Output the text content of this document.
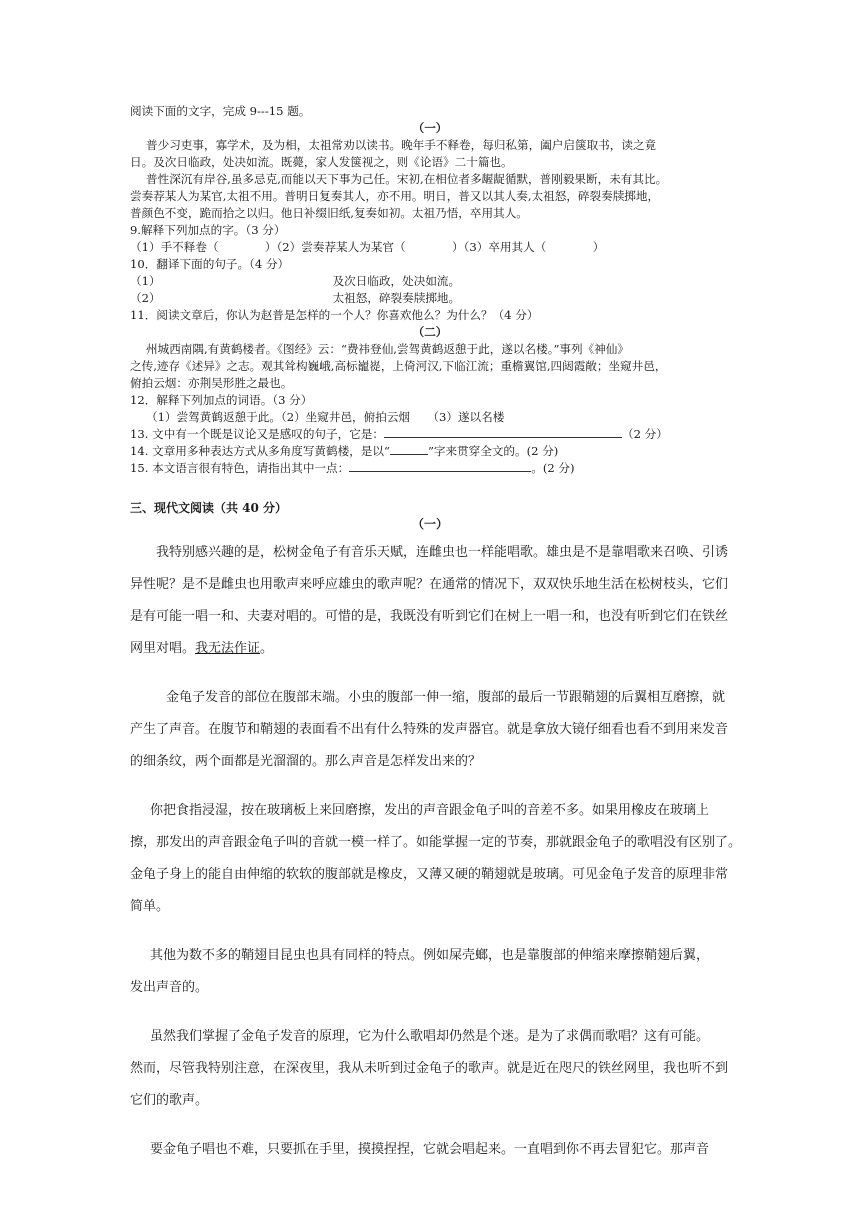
阅读下面的文字，完成 9---15 题。
（一）
普少习吏事，寡学术，及为相，太祖常劝以读书。晚年手不释卷，每归私第，阖户启箧取书，读之竟
日。及次日临政，处决如流。既薨，家人发箧视之，则《论语》二十篇也。
普性深沉有岸谷,虽多忌克,而能以天下事为己任。宋初,在相位者多龌龊循默，普刚毅果断，未有其比。
尝奏荐某人为某官,太祖不用。普明日复奏其人，亦不用。明日，普又以其人奏,太祖怒，碎裂奏牍掷地，
普颜色不变，跪而拾之以归。他日补缀旧纸,复奏如初。太祖乃悟，卒用其人。
9.解释下列加点的字。（3 分）
（1）手不释卷（　　　　）（2）尝奏荐某人为某官（　　　　）（3）卒用其人（　　　　）
10．翻译下面的句子。（4 分）
（1）	及次日临政，处决如流。
（2）	太祖怒，碎裂奏牍掷地。
11．阅读文章后，你认为赵普是怎样的一个人？你喜欢他么？为什么？（4 分）
（二）
州城西南隅,有黄鹤楼者。《图经》云：“费祎登仙,尝驾黄鹤返憩于此，遂以名楼。”事列《神仙》
之传,迹存《述异》之志。观其耸构巍峨,高标巃嵸，上倚河汉,下临江流；重檐翼馆,四闼霞敞；坐窥井邑，
俯拍云烟：亦荆吴形胜之最也。
12．解释下列加点的词语。（3 分）
（1）尝驾黄鹤返憩于此。（2）坐窥井邑，俯拍云烟　　（3）遂以名楼
13. 文中有一个既是议论又是感叹的句子，它是：	（2 分）
14. 文章用多种表达方式从多角度写黄鹤楼，是以“	”字来贯穿全文的。(2 分)
15. 本文语言很有特色，请指出其中一点：	。(2 分)
三、现代文阅读（共 40 分）
（一）
我特别感兴趣的是，松树金龟子有音乐天赋，连雌虫也一样能唱歌。雄虫是不是靠唱歌来召唤、引诱
异性呢？是不是雌虫也用歌声来呼应雄虫的歌声呢？在通常的情况下，双双快乐地生活在松树枝头，它们
是有可能一唱一和、夫妻对唱的。可惜的是，我既没有听到它们在树上一唱一和，也没有听到它们在铁丝
网里对唱。我无法作证。
金龟子发音的部位在腹部末端。小虫的腹部一伸一缩，腹部的最后一节跟鞘翅的后翼相互磨擦，就
产生了声音。在腹节和鞘翅的表面看不出有什么特殊的发声器官。就是拿放大镜仔细看也看不到用来发音
的细条纹，两个面都是光溜溜的。那么声音是怎样发出来的？
你把食指浸湿，按在玻璃板上来回磨擦，发出的声音跟金龟子叫的音差不多。如果用橡皮在玻璃上
擦，那发出的声音跟金龟子叫的音就一模一样了。如能掌握一定的节奏，那就跟金龟子的歌唱没有区别了。
金龟子身上的能自由伸缩的软软的腹部就是橡皮，又薄又硬的鞘翅就是玻璃。可见金龟子发音的原理非常
简单。
其他为数不多的鞘翅目昆虫也具有同样的特点。例如屎壳螂，也是靠腹部的伸缩来摩擦鞘翅后翼，
发出声音的。
虽然我们掌握了金龟子发音的原理，它为什么歌唱却仍然是个迷。是为了求偶而歌唱？这有可能。
然而，尽管我特别注意，在深夜里，我从未听到过金龟子的歌声。就是近在咫尺的铁丝网里，我也听不到
它们的歌声。
要金龟子唱也不难，只要抓在手里，摸摸捏捏，它就会唱起来。一直唱到你不再去冒犯它。那声音
